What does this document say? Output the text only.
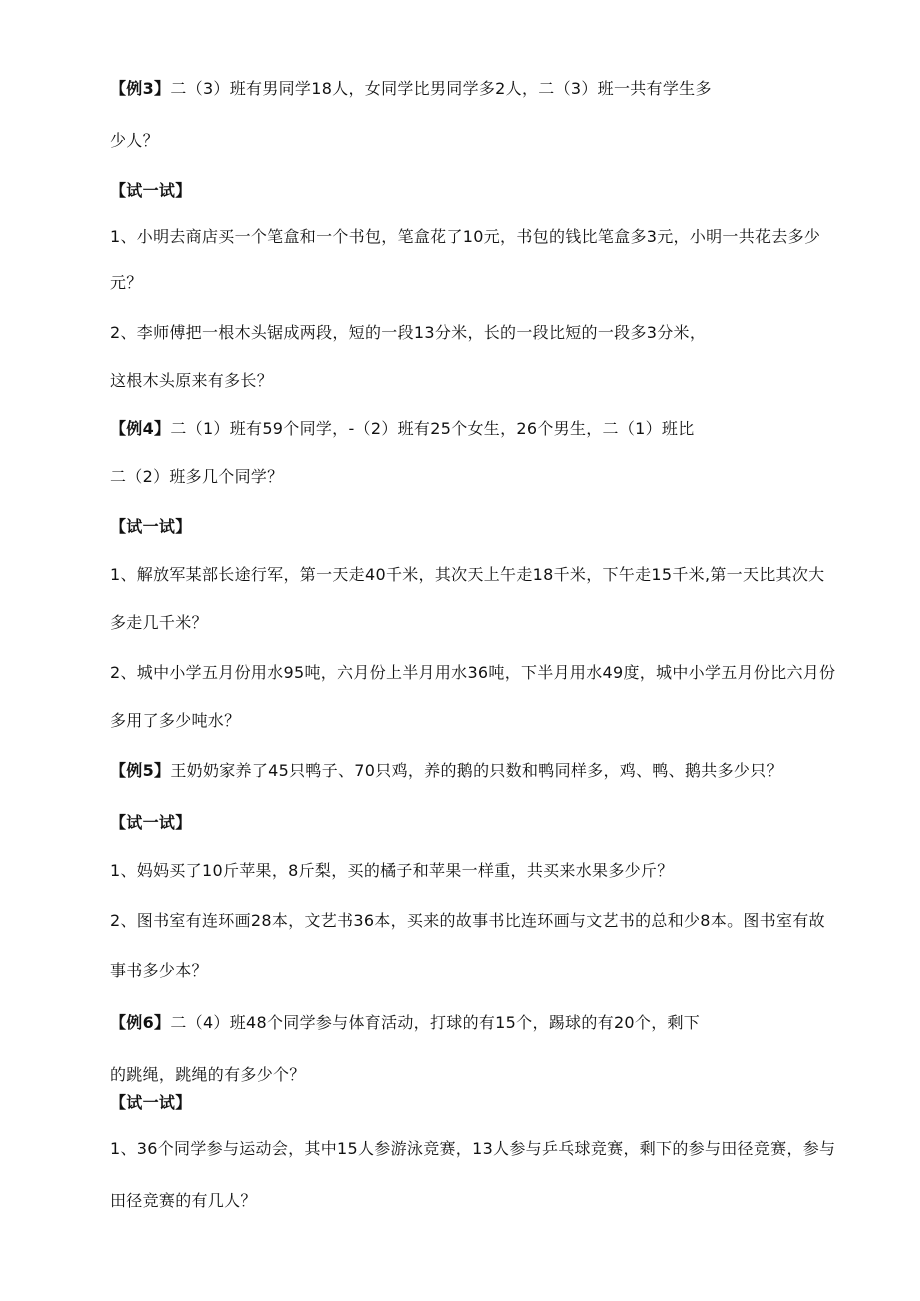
【例3】二（3）班有男同学18人，女同学比男同学多2人，二（3）班一共有学生多
少人？
【试一试】
1、小明去商店买一个笔盒和一个书包，笔盒花了10元，书包的钱比笔盒多3元，小明一共花去多少
元？
2、李师傅把一根木头锯成两段，短的一段13分米，长的一段比短的一段多3分米，
这根木头原来有多长？
【例4】二（1）班有59个同学，-（2）班有25个女生，26个男生，二（1）班比
二（2）班多几个同学？
【试一试】
1、解放军某部长途行军，第一天走40千米，其次天上午走18千米，下午走15千米,第一天比其次大
多走几千米？
2、城中小学五月份用水95吨，六月份上半月用水36吨，下半月用水49度，城中小学五月份比六月份
多用了多少吨水？
【例5】王奶奶家养了45只鸭子、70只鸡，养的鹅的只数和鸭同样多，鸡、鸭、鹅共多少只？
【试一试】
1、妈妈买了10斤苹果，8斤梨，买的橘子和苹果一样重，共买来水果多少斤？
2、图书室有连环画28本，文艺书36本，买来的故事书比连环画与文艺书的总和少8本。图书室有故
事书多少本？
【例6】二（4）班48个同学参与体育活动，打球的有15个，踢球的有20个，剩下
的跳绳，跳绳的有多少个？
【试一试】
1、36个同学参与运动会，其中15人参游泳竞赛，13人参与乒乓球竞赛，剩下的参与田径竞赛，参与
田径竞赛的有几人？
